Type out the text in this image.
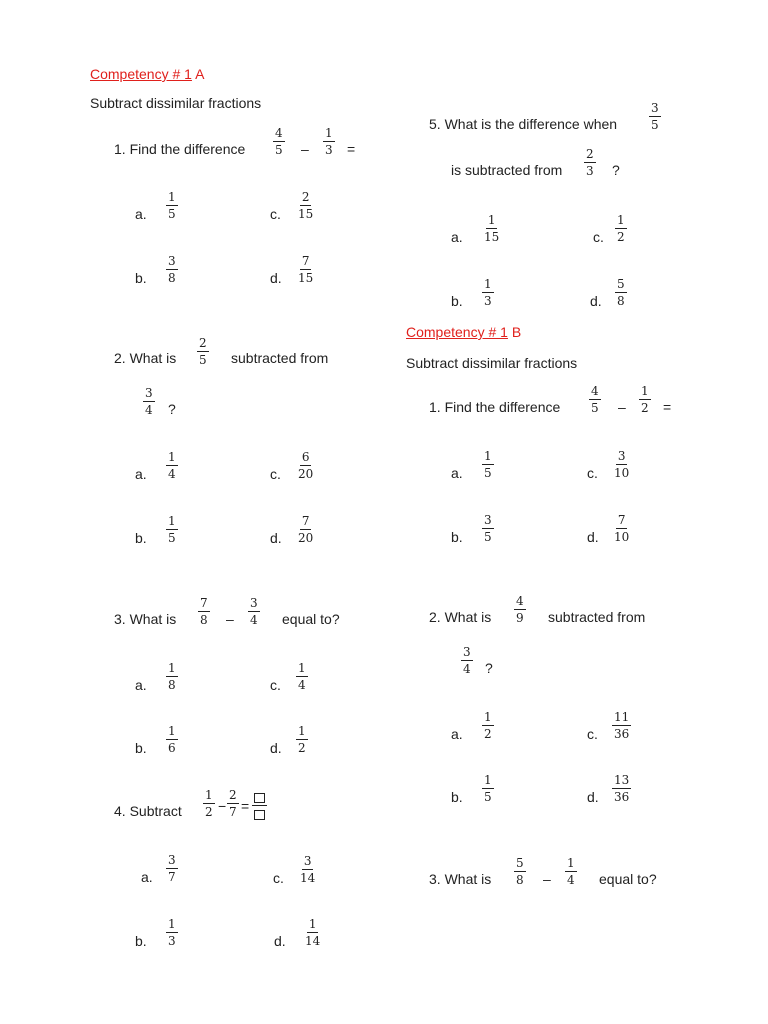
Competency # 1 A
Subtract dissimilar fractions
1. Find the difference $\frac{4}{5} - \frac{1}{3}$ =
a. $\frac{1}{5}$	c. $\frac{2}{15}$
b. $\frac{3}{8}$	d. $\frac{7}{15}$
2. What is $\frac{2}{5}$ subtracted from
$\frac{3}{4}$ ?
a. $\frac{1}{4}$	c. $\frac{6}{20}$
b. $\frac{1}{5}$	d. $\frac{7}{20}$
3. What is $\frac{7}{8} - \frac{3}{4}$ equal to?
a. $\frac{1}{8}$	c. $\frac{1}{4}$
b. $\frac{1}{6}$	d. $\frac{1}{2}$
4. Subtract $\frac{1}{2} - \frac{2}{7}$ =
a. $\frac{3}{7}$	c. $\frac{3}{14}$
b. $\frac{1}{3}$	d. $\frac{1}{14}$
5. What is the difference when	$\frac{3}{5}$
is subtracted from $\frac{2}{3}$ ?
a. $\frac{1}{15}$	c. $\frac{1}{2}$
b. $\frac{1}{3}$	d. $\frac{5}{8}$
Competency # 1 B
Subtract dissimilar fractions
1. Find the difference $\frac{4}{5} - \frac{1}{2}$ =
a. $\frac{1}{5}$	c. $\frac{3}{10}$
b. $\frac{3}{5}$	d. $\frac{7}{10}$
2. What is $\frac{4}{9}$ subtracted from
$\frac{3}{4}$ ?
a. $\frac{1}{2}$	c. $\frac{11}{36}$
b. $\frac{1}{5}$	d. $\frac{13}{36}$
3. What is $\frac{5}{8} - \frac{1}{4}$ equal to?
